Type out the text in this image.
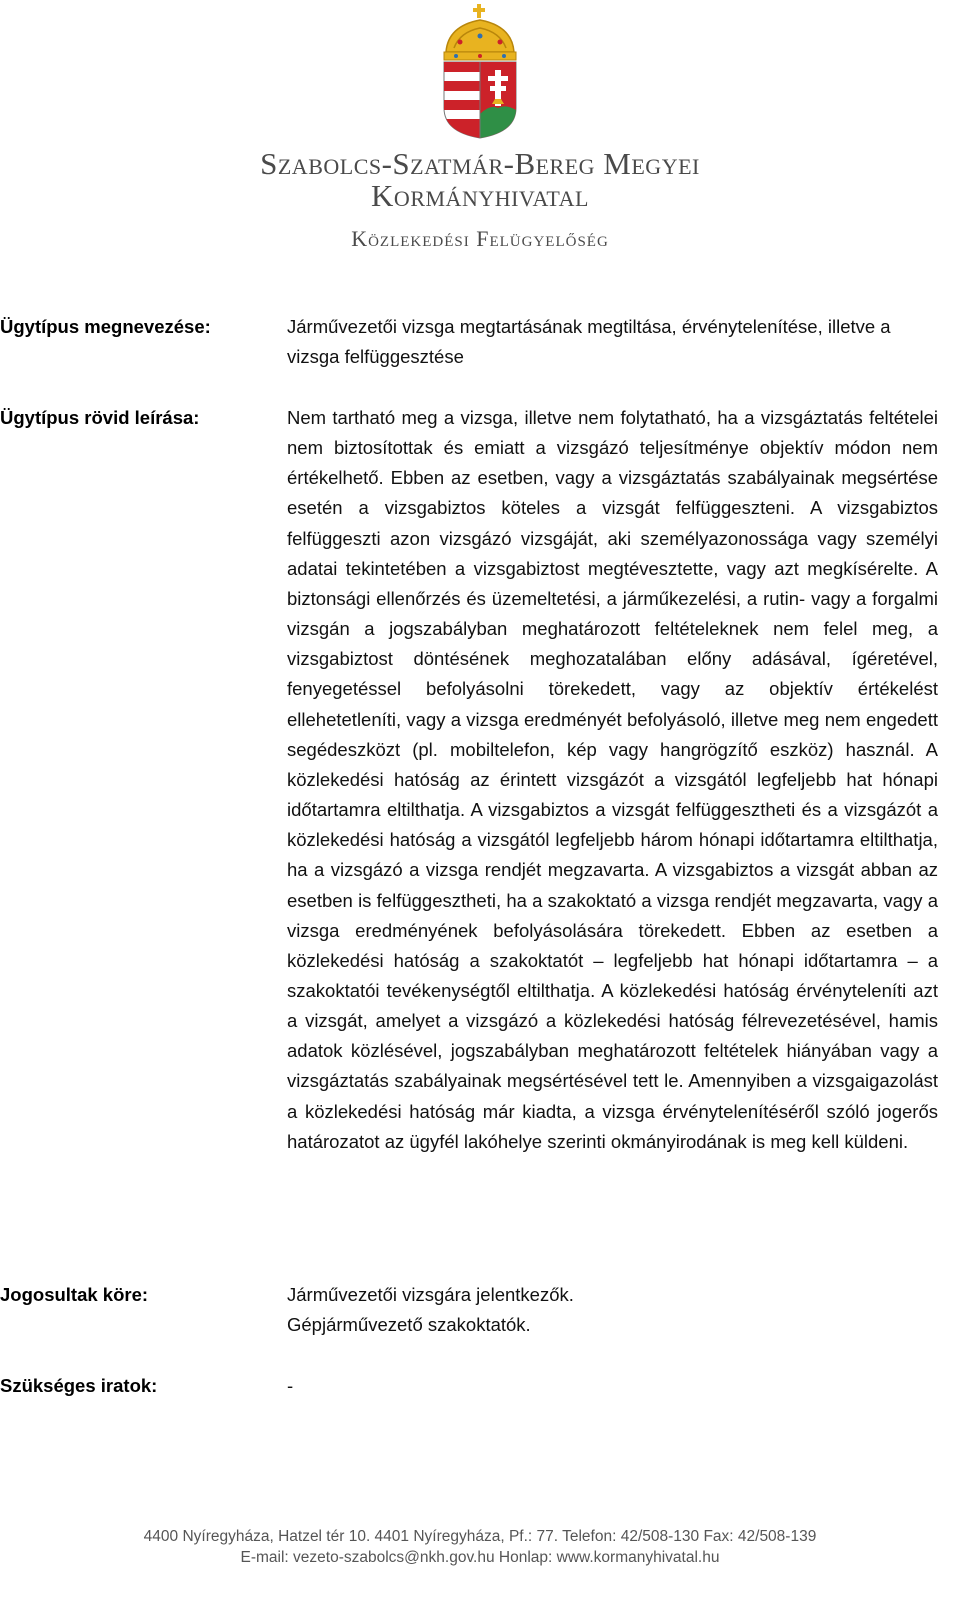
Szabolcs-Szatmár-Bereg Megyei
Kormányhivatal
Közlekedési Felügyelőség
Ügytípus megnevezése:	Járművezetői vizsga megtartásának megtiltása, érvénytelenítése, illetve a vizsga felfüggesztése
Ügytípus rövid leírása:	Nem tartható meg a vizsga, illetve nem folytatható, ha a vizsgáztatás feltételei nem biztosítottak és emiatt a vizsgázó teljesítménye objektív módon nem értékelhető. Ebben az esetben, vagy a vizsgáztatás szabályainak megsértése esetén a vizsgabiztos köteles a vizsgát felfüggeszteni. A vizsgabiztos felfüggeszti azon vizsgázó vizsgáját, aki személyazonossága vagy személyi adatai tekintetében a vizsgabiztost megtévesztette, vagy azt megkísérelte. A biztonsági ellenőrzés és üzemeltetési, a járműkezelési, a rutin- vagy a forgalmi vizsgán a jogszabályban meghatározott feltételeknek nem felel meg, a vizsgabiztost döntésének meghozatalában előny adásával, ígéretével, fenyegetéssel befolyásolni törekedett, vagy az objektív értékelést ellehetetleníti, vagy a vizsga eredményét befolyásoló, illetve meg nem engedett segédeszközt (pl. mobiltelefon, kép vagy hangrögzítő eszköz) használ. A közlekedési hatóság az érintett vizsgázót a vizsgától legfeljebb hat hónapi időtartamra eltilthatja. A vizsgabiztos a vizsgát felfüggesztheti és a vizsgázót a közlekedési hatóság a vizsgától legfeljebb három hónapi időtartamra eltilthatja, ha a vizsgázó a vizsga rendjét megzavarta. A vizsgabiztos a vizsgát abban az esetben is felfüggesztheti, ha a szakoktató a vizsga rendjét megzavarta, vagy a vizsga eredményének befolyásolására törekedett. Ebben az esetben a közlekedési hatóság a szakoktatót – legfeljebb hat hónapi időtartamra – a szakoktatói tevékenységtől eltilthatja. A közlekedési hatóság érvényteleníti azt a vizsgát, amelyet a vizsgázó a közlekedési hatóság félrevezetésével, hamis adatok közlésével, jogszabályban meghatározott feltételek hiányában vagy a vizsgáztatás szabályainak megsértésével tett le. Amennyiben a vizsgaigazolást a közlekedési hatóság már kiadta, a vizsga érvénytelenítéséről szóló jogerős határozatot az ügyfél lakóhelye szerinti okmányirodának is meg kell küldeni.
Jogosultak köre:	Járművezetői vizsgára jelentkezők.
Gépjárművezető szakoktatók.
Szükséges iratok:	-
4400 Nyíregyháza, Hatzel tér 10. 4401 Nyíregyháza, Pf.: 77. Telefon: 42/508-130 Fax: 42/508-139
E-mail: vezeto-szabolcs@nkh.gov.hu Honlap: www.kormanyhivatal.hu
